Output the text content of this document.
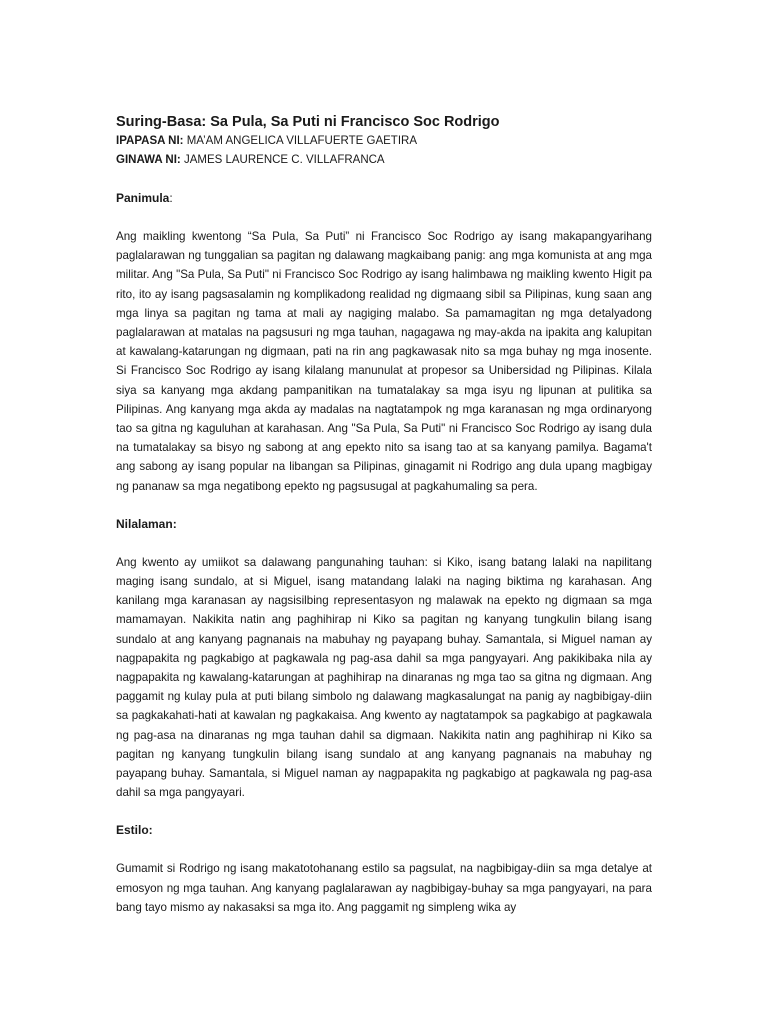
Suring-Basa: Sa Pula, Sa Puti ni Francisco Soc Rodrigo

IPAPASA NI: MA’AM ANGELICA VILLAFUERTE GAETIRA

GINAWA NI: JAMES LAURENCE C. VILLAFRANCA

Panimula:

Ang maikling kwentong “Sa Pula, Sa Puti” ni Francisco Soc Rodrigo ay isang makapangyarihang paglalarawan ng tunggalian sa pagitan ng dalawang magkaibang panig: ang mga komunista at ang mga militar. Ang "Sa Pula, Sa Puti" ni Francisco Soc Rodrigo ay isang halimbawa ng maikling kwento Higit pa rito, ito ay isang pagsasalamin ng komplikadong realidad ng digmaang sibil sa Pilipinas, kung saan ang mga linya sa pagitan ng tama at mali ay nagiging malabo. Sa pamamagitan ng mga detalyadong paglalarawan at matalas na pagsusuri ng mga tauhan, nagagawa ng may-akda na ipakita ang kalupitan at kawalang-katarungan ng digmaan, pati na rin ang pagkawasak nito sa mga buhay ng mga inosente. Si Francisco Soc Rodrigo ay isang kilalang manunulat at propesor sa Unibersidad ng Pilipinas. Kilala siya sa kanyang mga akdang pampanitikan na tumatalakay sa mga isyu ng lipunan at pulitika sa Pilipinas. Ang kanyang mga akda ay madalas na nagtatampok ng mga karanasan ng mga ordinaryong tao sa gitna ng kaguluhan at karahasan. Ang "Sa Pula, Sa Puti" ni Francisco Soc Rodrigo ay isang dula na tumatalakay sa bisyo ng sabong at ang epekto nito sa isang tao at sa kanyang pamilya. Bagama't ang sabong ay isang popular na libangan sa Pilipinas, ginagamit ni Rodrigo ang dula upang magbigay ng pananaw sa mga negatibong epekto ng pagsusugal at pagkahumaling sa pera.

Nilalaman:

Ang kwento ay umiikot sa dalawang pangunahing tauhan: si Kiko, isang batang lalaki na napilitang maging isang sundalo, at si Miguel, isang matandang lalaki na naging biktima ng karahasan. Ang kanilang mga karanasan ay nagsisilbing representasyon ng malawak na epekto ng digmaan sa mga mamamayan. Nakikita natin ang paghihirap ni Kiko sa pagitan ng kanyang tungkulin bilang isang sundalo at ang kanyang pagnanais na mabuhay ng payapang buhay. Samantala, si Miguel naman ay nagpapakita ng pagkabigo at pagkawala ng pag-asa dahil sa mga pangyayari. Ang pakikibaka nila ay nagpapakita ng kawalang-katarungan at paghihirap na dinaranas ng mga tao sa gitna ng digmaan. Ang paggamit ng kulay pula at puti bilang simbolo ng dalawang magkasalungat na panig ay nagbibigay-diin sa pagkakahati-hati at kawalan ng pagkakaisa. Ang kwento ay nagtatampok sa pagkabigo at pagkawala ng pag-asa na dinaranas ng mga tauhan dahil sa digmaan. Nakikita natin ang paghihirap ni Kiko sa pagitan ng kanyang tungkulin bilang isang sundalo at ang kanyang pagnanais na mabuhay ng payapang buhay. Samantala, si Miguel naman ay nagpapakita ng pagkabigo at pagkawala ng pag-asa dahil sa mga pangyayari.

Estilo:

Gumamit si Rodrigo ng isang makatotohanang estilo sa pagsulat, na nagbibigay-diin sa mga detalye at emosyon ng mga tauhan. Ang kanyang paglalarawan ay nagbibigay-buhay sa mga pangyayari, na para bang tayo mismo ay nakasaksi sa mga ito. Ang paggamit ng simpleng wika ay
